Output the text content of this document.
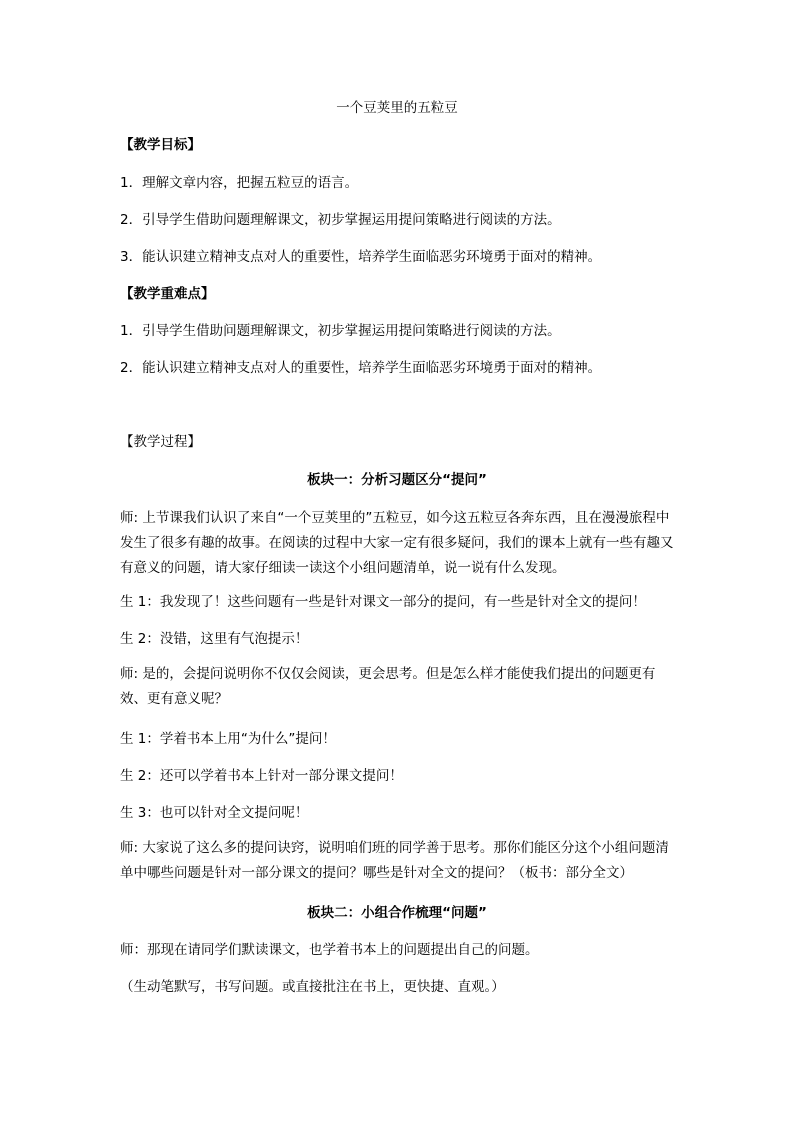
一个豆荚里的五粒豆
【教学目标】
1．理解文章内容，把握五粒豆的语言。
2．引导学生借助问题理解课文，初步掌握运用提问策略进行阅读的方法。
3．能认识建立精神支点对人的重要性，培养学生面临恶劣环境勇于面对的精神。
【教学重难点】
1．引导学生借助问题理解课文，初步掌握运用提问策略进行阅读的方法。
2．能认识建立精神支点对人的重要性，培养学生面临恶劣环境勇于面对的精神。
【教学过程】
板块一：分析习题区分“提问”
师: 上节课我们认识了来自“一个豆荚里的”五粒豆，如今这五粒豆各奔东西，且在漫漫旅程中发生了很多有趣的故事。在阅读的过程中大家一定有很多疑问，我们的课本上就有一些有趣又有意义的问题，请大家仔细读一读这个小组问题清单，说一说有什么发现。
生 1：我发现了！这些问题有一些是针对课文一部分的提问，有一些是针对全文的提问！
生 2：没错，这里有气泡提示！
师: 是的，会提问说明你不仅仅会阅读，更会思考。但是怎么样才能使我们提出的问题更有效、更有意义呢？
生 1：学着书本上用“为什么”提问！
生 2：还可以学着书本上针对一部分课文提问！
生 3：也可以针对全文提问呢！
师: 大家说了这么多的提问诀窍，说明咱们班的同学善于思考。那你们能区分这个小组问题清单中哪些问题是针对一部分课文的提问？哪些是针对全文的提问？（板书：部分全文）
板块二：小组合作梳理“问题”
师：那现在请同学们默读课文，也学着书本上的问题提出自己的问题。
（生动笔默写，书写问题。或直接批注在书上，更快捷、直观。）
